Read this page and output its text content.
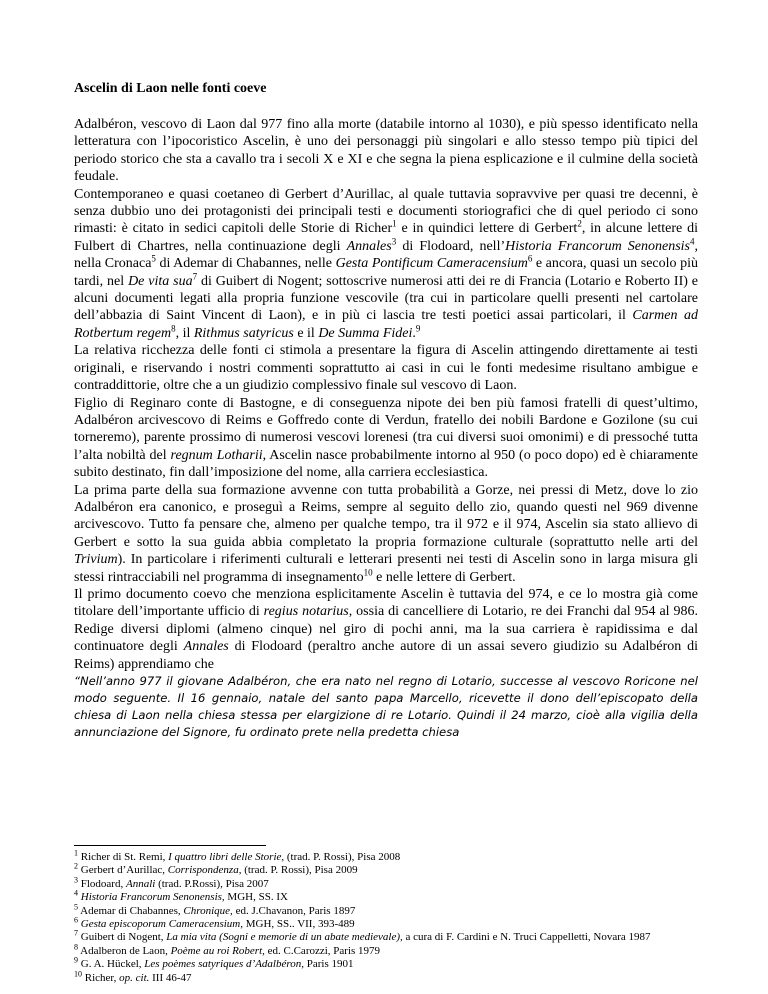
Ascelin di Laon nelle fonti coeve

Adalbéron, vescovo di Laon dal 977 fino alla morte (databile intorno al 1030), e più spesso identificato nella letteratura con l’ipocoristico Ascelin, è uno dei personaggi più singolari e allo stesso tempo più tipici del periodo storico che sta a cavallo tra i secoli X e XI e che segna la piena esplicazione e il culmine della società feudale.

Contemporaneo e quasi coetaneo di Gerbert d’Aurillac, al quale tuttavia sopravvive per quasi tre decenni, è senza dubbio uno dei protagonisti dei principali testi e documenti storiografici che di quel periodo ci sono rimasti: è citato in sedici capitoli delle Storie di Richer$^1$ e in quindici lettere di Gerbert$^2$, in alcune lettere di Fulbert di Chartres, nella continuazione degli Annales$^3$ di Flodoard, nell’Historia Francorum Senonensis$^4$, nella Cronaca$^5$ di Ademar di Chabannes, nelle Gesta Pontificum Cameracensium$^6$ e ancora, quasi un secolo più tardi, nel De vita sua$^7$ di Guibert di Nogent; sottoscrive numerosi atti dei re di Francia (Lotario e Roberto II) e alcuni documenti legati alla propria funzione vescovile (tra cui in particolare quelli presenti nel cartolare dell’abbazia di Saint Vincent di Laon), e in più ci lascia tre testi poetici assai particolari, il Carmen ad Rotbertum regem$^8$, il Rithmus satyricus e il De Summa Fidei.$^9$

La relativa ricchezza delle fonti ci stimola a presentare la figura di Ascelin attingendo direttamente ai testi originali, e riservando i nostri commenti soprattutto ai casi in cui le fonti medesime risultano ambigue e contraddittorie, oltre che a un giudizio complessivo finale sul vescovo di Laon.

Figlio di Reginaro conte di Bastogne, e di conseguenza nipote dei ben più famosi fratelli di quest’ultimo, Adalbéron arcivescovo di Reims e Goffredo conte di Verdun, fratello dei nobili Bardone e Gozilone (su cui torneremo), parente prossimo di numerosi vescovi lorenesi (tra cui diversi suoi omonimi) e di pressoché tutta l’alta nobiltà del regnum Lotharii, Ascelin nasce probabilmente intorno al 950 (o poco dopo) ed è chiaramente subito destinato, fin dall’imposizione del nome, alla carriera ecclesiastica.

La prima parte della sua formazione avvenne con tutta probabilità a Gorze, nei pressi di Metz, dove lo zio Adalbéron era canonico, e proseguì a Reims, sempre al seguito dello zio, quando questi nel 969 divenne arcivescovo. Tutto fa pensare che, almeno per qualche tempo, tra il 972 e il 974, Ascelin sia stato allievo di Gerbert e sotto la sua guida abbia completato la propria formazione culturale (soprattutto nelle arti del Trivium). In particolare i riferimenti culturali e letterari presenti nei testi di Ascelin sono in larga misura gli stessi rintracciabili nel programma di insegnamento$^{10}$ e nelle lettere di Gerbert.

Il primo documento coevo che menziona esplicitamente Ascelin è tuttavia del 974, e ce lo mostra già come titolare dell’importante ufficio di regius notarius, ossia di cancelliere di Lotario, re dei Franchi dal 954 al 986. Redige diversi diplomi (almeno cinque) nel giro di pochi anni, ma la sua carriera è rapidissima e dal continuatore degli Annales di Flodoard (peraltro anche autore di un assai severo giudizio su Adalbéron di Reims) apprendiamo che

“Nell’anno 977 il giovane Adalbéron, che era nato nel regno di Lotario, successe al vescovo Roricone nel modo seguente. Il 16 gennaio, natale del santo papa Marcello, ricevette il dono dell’episcopato della chiesa di Laon nella chiesa stessa per elargizione di re Lotario. Quindi il 24 marzo, cioè alla vigilia della annunciazione del Signore, fu ordinato prete nella predetta chiesa

$^1$ Richer di St. Remi, I quattro libri delle Storie, (trad. P. Rossi), Pisa 2008

$^2$ Gerbert d’Aurillac, Corrispondenza, (trad. P. Rossi), Pisa 2009

$^3$ Flodoard, Annali (trad. P.Rossi), Pisa 2007

$^4$ Historia Francorum Senonensis, MGH, SS. IX

$^5$ Ademar di Chabannes, Chronique, ed. J.Chavanon, Paris 1897

$^6$ Gesta episcoporum Cameracensium, MGH, SS.. VII, 393-489

$^7$ Guibert di Nogent, La mia vita (Sogni e memorie di un abate medievale), a cura di F. Cardini e N. Truci Cappelletti, Novara 1987

$^8$ Adalberon de Laon, Poème au roi Robert, ed. C.Carozzi, Paris 1979

$^9$ G. A. Hückel, Les poèmes satyriques d’Adalbéron, Paris 1901

$^{10}$ Richer, op. cit. III 46-47
